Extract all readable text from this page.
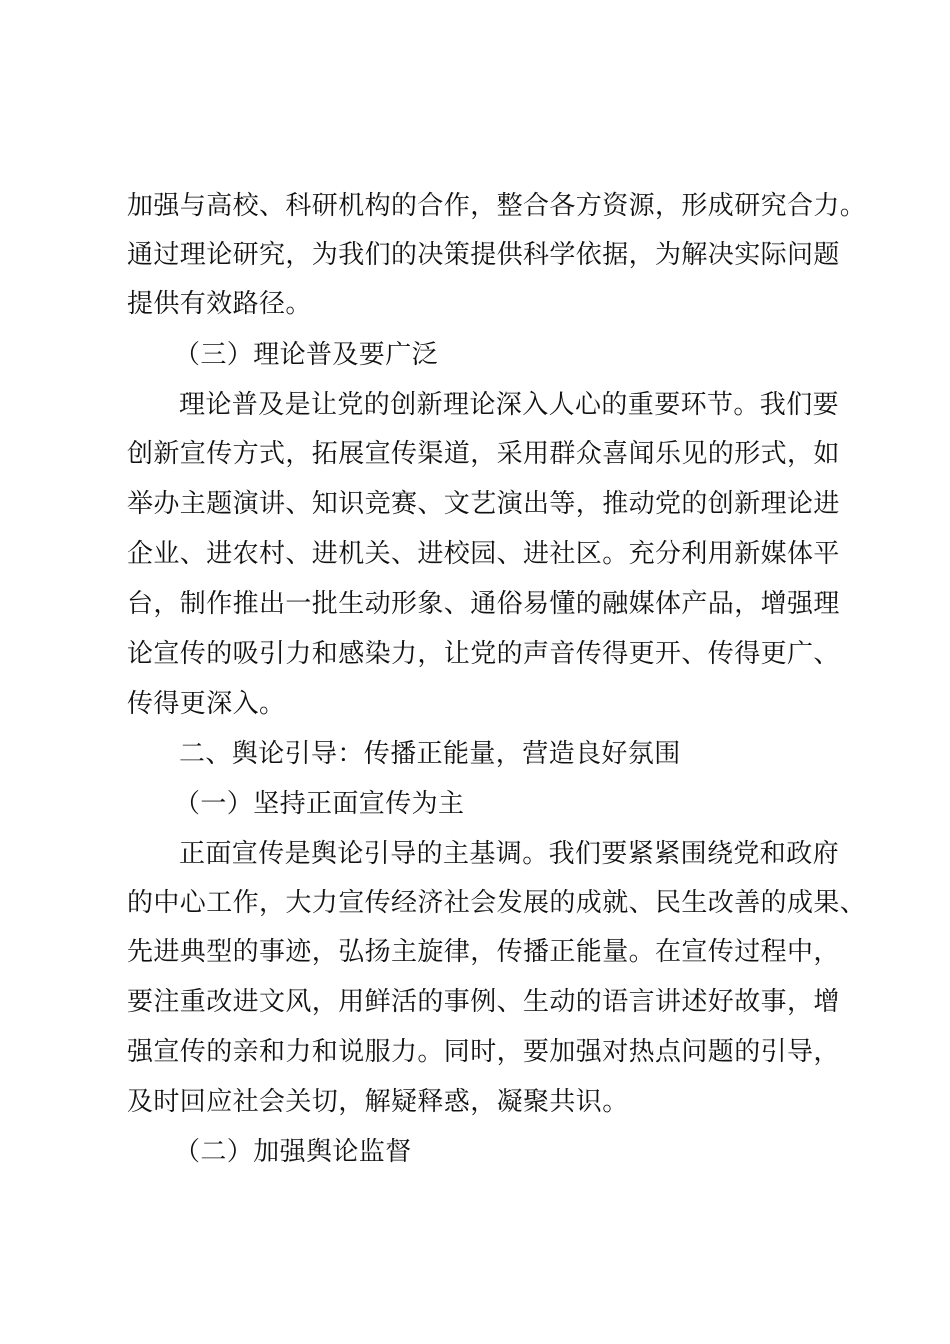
加强与高校、科研机构的合作，整合各方资源，形成研究合力。
通过理论研究，为我们的决策提供科学依据，为解决实际问题
提供有效路径。
（三）理论普及要广泛
理论普及是让党的创新理论深入人心的重要环节。我们要
创新宣传方式，拓展宣传渠道，采用群众喜闻乐见的形式，如
举办主题演讲、知识竞赛、文艺演出等，推动党的创新理论进
企业、进农村、进机关、进校园、进社区。充分利用新媒体平
台，制作推出一批生动形象、通俗易懂的融媒体产品，增强理
论宣传的吸引力和感染力，让党的声音传得更开、传得更广、
传得更深入。
二、舆论引导：传播正能量，营造良好氛围
（一）坚持正面宣传为主
正面宣传是舆论引导的主基调。我们要紧紧围绕党和政府
的中心工作，大力宣传经济社会发展的成就、民生改善的成果、
先进典型的事迹，弘扬主旋律，传播正能量。在宣传过程中，
要注重改进文风，用鲜活的事例、生动的语言讲述好故事，增
强宣传的亲和力和说服力。同时，要加强对热点问题的引导，
及时回应社会关切，解疑释惑，凝聚共识。
（二）加强舆论监督
